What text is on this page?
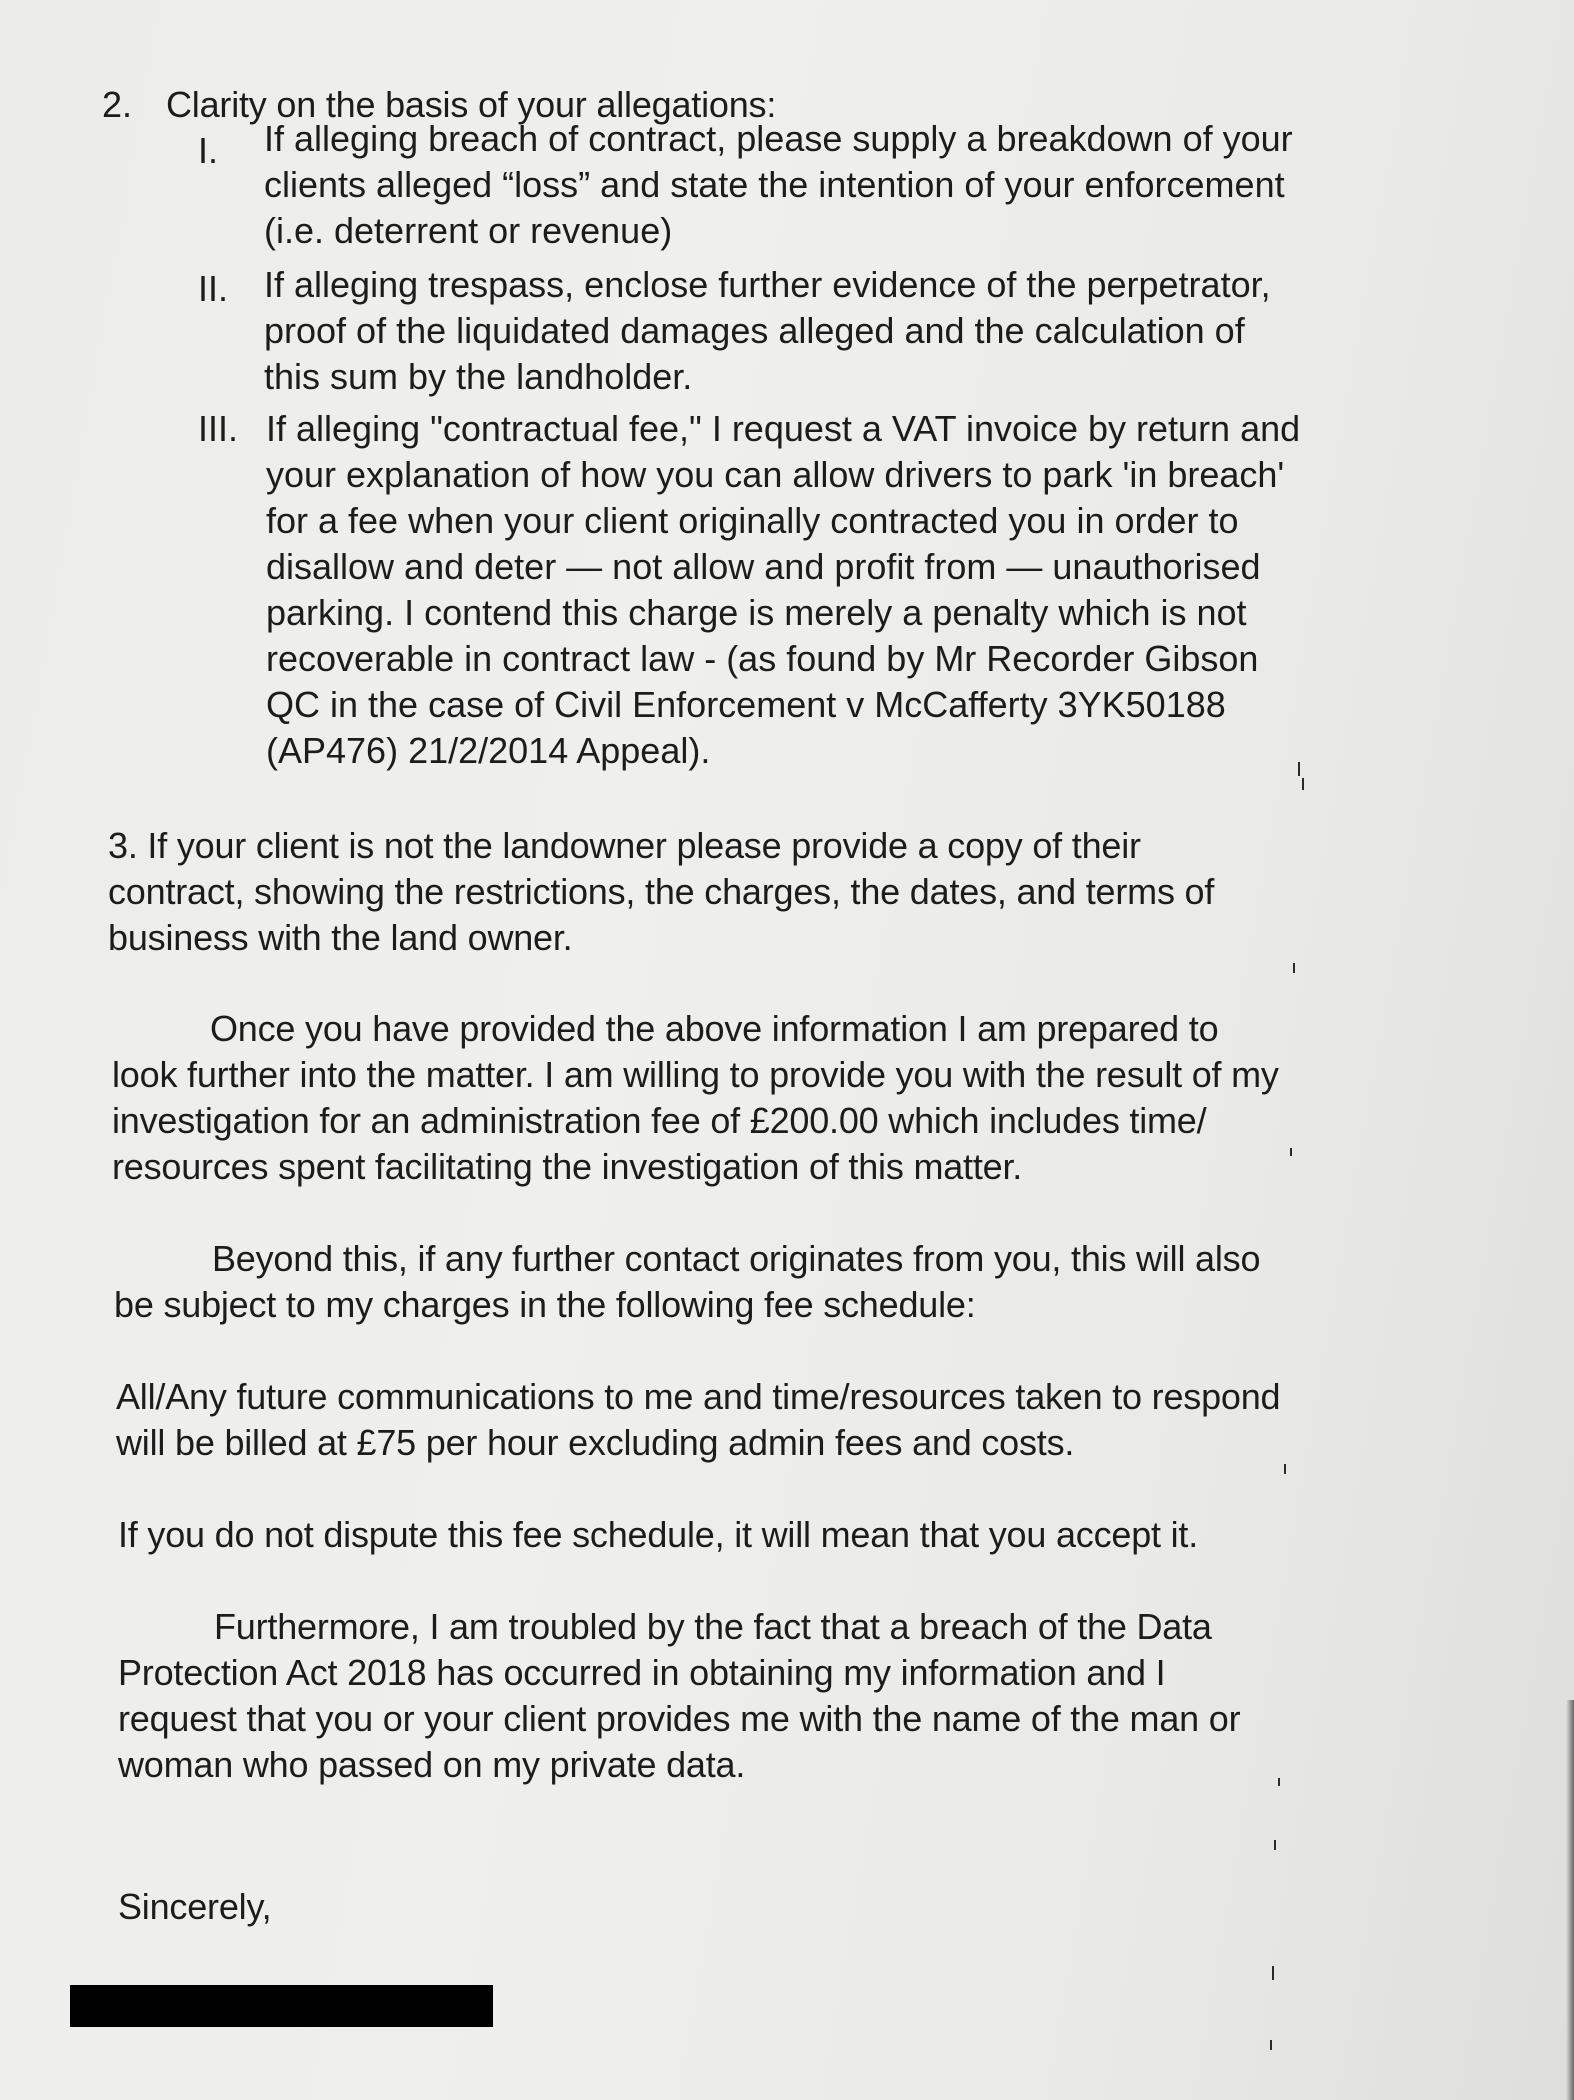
2. Clarity on the basis of your allegations:
I. If alleging breach of contract, please supply a breakdown of your
clients alleged “loss” and state the intention of your enforcement
(i.e. deterrent or revenue)
II. If alleging trespass, enclose further evidence of the perpetrator,
proof of the liquidated damages alleged and the calculation of
this sum by the landholder.
III. If alleging "contractual fee," I request a VAT invoice by return and
your explanation of how you can allow drivers to park 'in breach'
for a fee when your client originally contracted you in order to
disallow and deter — not allow and profit from — unauthorised
parking. I contend this charge is merely a penalty which is not
recoverable in contract law - (as found by Mr Recorder Gibson
QC in the case of Civil Enforcement v McCafferty 3YK50188
(AP476) 21/2/2014 Appeal).
3. If your client is not the landowner please provide a copy of their
contract, showing the restrictions, the charges, the dates, and terms of
business with the land owner.
Once you have provided the above information I am prepared to
look further into the matter. I am willing to provide you with the result of my
investigation for an administration fee of £200.00 which includes time/
resources spent facilitating the investigation of this matter.
Beyond this, if any further contact originates from you, this will also
be subject to my charges in the following fee schedule:
All/Any future communications to me and time/resources taken to respond
will be billed at £75 per hour excluding admin fees and costs.
If you do not dispute this fee schedule, it will mean that you accept it.
Furthermore, I am troubled by the fact that a breach of the Data
Protection Act 2018 has occurred in obtaining my information and I
request that you or your client provides me with the name of the man or
woman who passed on my private data.
Sincerely,
